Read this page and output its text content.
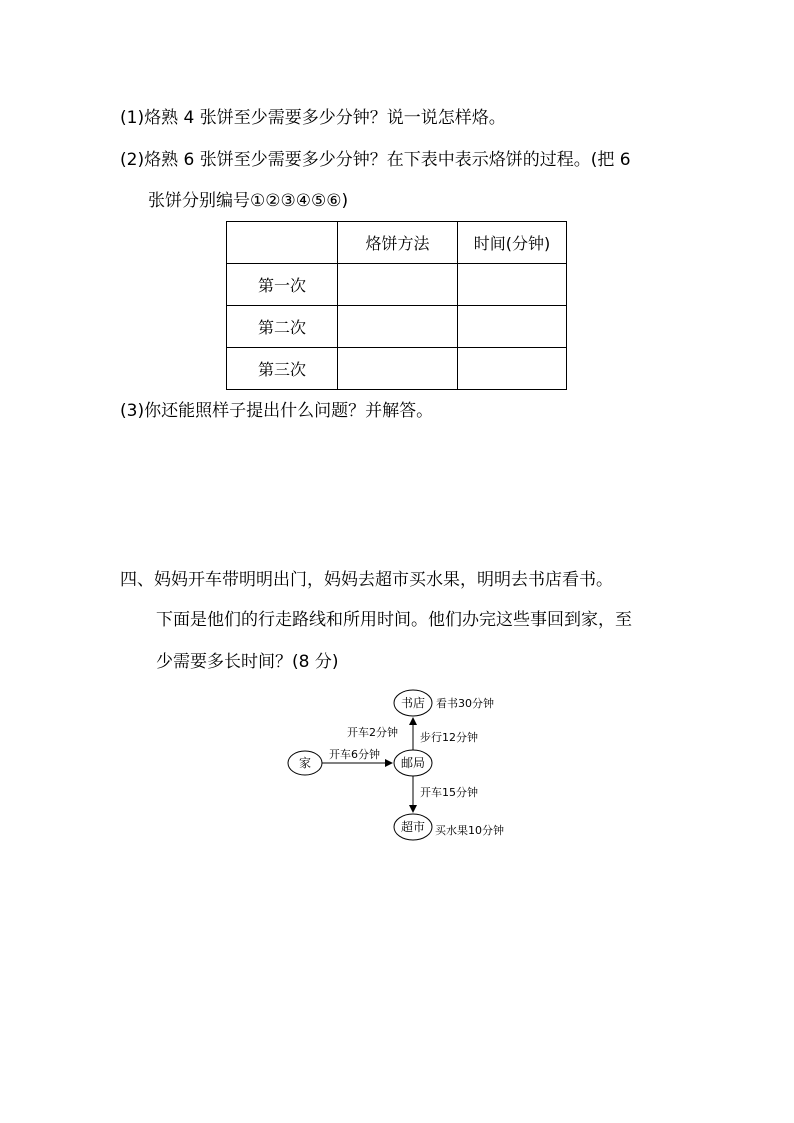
(1)烙熟 4 张饼至少需要多少分钟？说一说怎样烙。
(2)烙熟 6 张饼至少需要多少分钟？在下表中表示烙饼的过程。(把 6
张饼分别编号①②③④⑤⑥)
	烙饼方法	时间(分钟)
第一次		
第二次		
第三次		
(3)你还能照样子提出什么问题？并解答。
四、妈妈开车带明明出门，妈妈去超市买水果，明明去书店看书。
下面是他们的行走路线和所用时间。他们办完这些事回到家，至
少需要多长时间？(8 分)
家	邮局
书店
超市
开车6分钟
开车2分钟 步行12分钟
开车15分钟
看书30分钟
买水果10分钟
